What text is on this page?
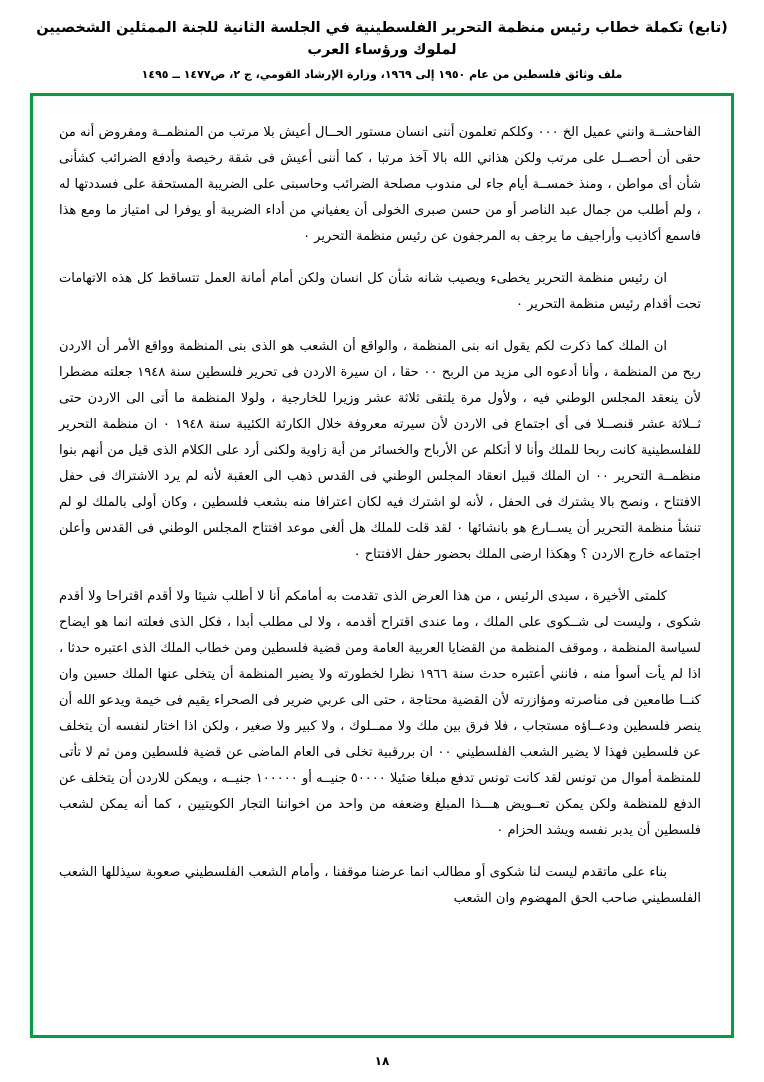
(تابع) تكملة خطاب رئيس منظمة التحرير الفلسطينية في الجلسة الثانية للجنة الممثلين الشخصيين لملوك ورؤساء العرب
ملف وثائق فلسطين من عام ١٩٥٠ إلى ١٩٦٩، وزارة الإرشاد القومي، ج ٢، ص١٤٧٧ ــ ١٤٩٥

الفاحشــة وانني عميل الخ ٠٠٠ وكلكم تعلمون أننى انسان مستور الحــال أعيش بلا مرتب من المنظمــة ومفروض أنه من حقى أن أحصــل على مرتب ولكن هذاني الله بالا آخذ مرتبا ، كما أننى أعيش فى شقة رخيصة وأدفع الضرائب كشأنى شأن أى مواطن ، ومنذ خمســة أيام جاء لى مندوب مصلحة الضرائب وحاسبنى على الضريبة المستحقة على فسددتها له ، ولم أطلب من جمال عبد الناصر أو من حسن صبرى الخولى أن يعفياني من أداء الضريبة أو يوفرا لى امتياز ما ومع هذا فاسمع أكاذيب وأراجيف ما يرجف به المرجفون عن رئيس منظمة التحرير ٠

ان رئيس منظمة التحرير يخطىء ويصيب شانه شأن كل انسان ولكن أمام أمانة العمل تتساقط كل هذه الاتهامات تحت أقدام رئيس منظمة التحرير ٠

ان الملك كما ذكرت لكم يقول انه بنى المنظمة ، والواقع أن الشعب هو الذى بنى المنظمة وواقع الأمر أن الاردن ربح من المنظمة ، وأنا أدعوه الى مزيد من الربح ٠٠ حقا ، ان سيرة الاردن فى تحرير فلسطين سنة ١٩٤٨ جعلته مضطرا لأن ينعقد المجلس الوطني فيه ، ولأول مرة يلتقى ثلاثة عشر وزيرا للخارجية ، ولولا المنظمة ما أتى الى الاردن حتى ثــلاثة عشر قنصــلا فى أى اجتماع فى الاردن لأن سيرته معروفة خلال الكارثة الكئيبة سنة ١٩٤٨ ٠ ان منظمة التحرير للفلسطينية كانت ربحا للملك وأنا لا أتكلم عن الأرباح والخسائر من أية زاوية ولكنى أرد على الكلام الذى قيل من أنهم بنوا منظمــة التحرير ٠٠ ان الملك قبيل انعقاد المجلس الوطني فى القدس ذهب الى العقبة لأنه لم يرد الاشتراك فى حفل الافتتاح ، ونصح بالا يشترك فى الحفل ، لأنه لو اشترك فيه لكان اعترافا منه بشعب فلسطين ، وكان أولى بالملك لو لم تنشأ منظمة التحرير أن يســارع هو بانشائها ٠ لقد قلت للملك هل ألغى موعد افتتاح المجلس الوطني فى القدس وأعلن اجتماعه خارج الاردن ؟ وهكذا ارضى الملك بحضور حفل الافتتاح ٠

كلمتى الأخيرة ، سيدى الرئيس ، من هذا العرض الذى تقدمت به أمامكم أنا لا أطلب شيئا ولا أقدم اقتراحا ولا أقدم شكوى ، وليست لى شــكوى على الملك ، وما عندى اقتراح أقدمه ، ولا لى مطلب أبدا ، فكل الذى فعلته انما هو ايضاح لسياسة المنظمة ، وموقف المنظمة من القضايا العربية العامة ومن قضية فلسطين ومن خطاب الملك الذى اعتبره حدثا ، اذا لم يأت أسوأ منه ، فانني أعتبره حدث سنة ١٩٦٦ نظرا لخطورته ولا يضير المنظمة أن يتخلى عنها الملك حسين وان كنــا طامعين فى مناصرته ومؤازرته لأن القضية محتاجة ، حتى الى عربي ضرير فى الصحراء يقيم فى خيمة ويدعو الله أن ينصر فلسطين ودعــاؤه مستجاب ، فلا فرق بين ملك ولا ممــلوك ، ولا كبير ولا صغير ، ولكن اذا اختار لنفسه أن يتخلف عن فلسطين فهذا لا يضير الشعب الفلسطيني ٠٠ ان بررقبية تخلى فى العام الماضى عن قضية فلسطين ومن ثم لا تأتى للمنظمة أموال من تونس لقد كانت تونس تدفع مبلغا ضئيلا ٥٠٠٠٠ جنيــه أو ١٠٠٠٠٠ جنيــه ، ويمكن للاردن أن يتخلف عن الدفع للمنظمة ولكن يمكن تعــويض هـــذا المبلغ وضعفه من واحد من اخواننا التجار الكويتيين ، كما أنه يمكن لشعب فلسطين أن يدبر نفسه ويشد الحزام ٠

بناء على ماتقدم ليست لنا شكوى أو مطالب انما عرضنا موقفنا ، وأمام الشعب الفلسطيني صعوبة سيذللها الشعب الفلسطيني صاحب الحق المهضوم وان الشعب

١٨
